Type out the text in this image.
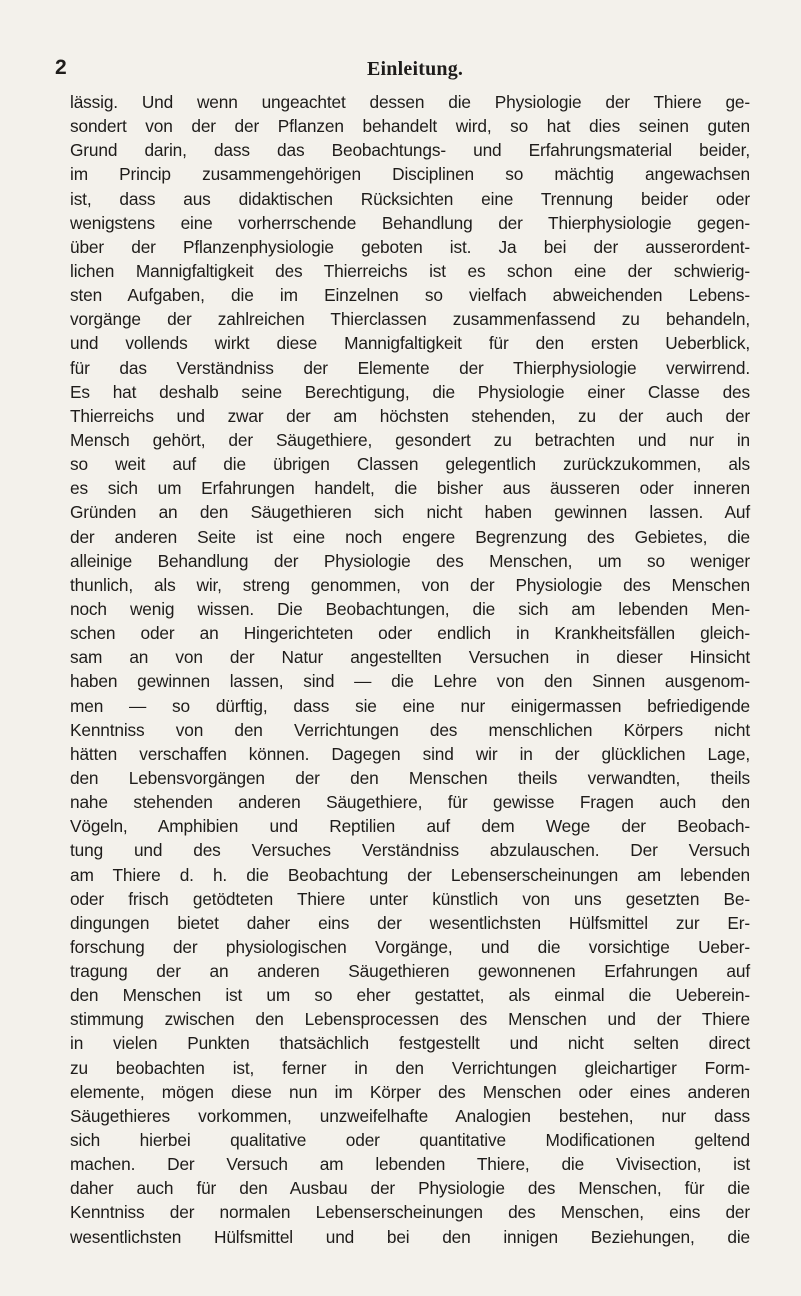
2	Einleitung.
lässig. Und wenn ungeachtet dessen die Physiologie der Thiere ge-
sondert von der der Pflanzen behandelt wird, so hat dies seinen guten
Grund darin, dass das Beobachtungs- und Erfahrungsmaterial beider,
im Princip zusammengehörigen Disciplinen so mächtig angewachsen
ist, dass aus didaktischen Rücksichten eine Trennung beider oder
wenigstens eine vorherrschende Behandlung der Thierphysiologie gegen-
über der Pflanzenphysiologie geboten ist. Ja bei der ausserordent-
lichen Mannigfaltigkeit des Thierreichs ist es schon eine der schwierig-
sten Aufgaben, die im Einzelnen so vielfach abweichenden Lebens-
vorgänge der zahlreichen Thierclassen zusammenfassend zu behandeln,
und vollends wirkt diese Mannigfaltigkeit für den ersten Ueberblick,
für das Verständniss der Elemente der Thierphysiologie verwirrend.
Es hat deshalb seine Berechtigung, die Physiologie einer Classe des
Thierreichs und zwar der am höchsten stehenden, zu der auch der
Mensch gehört, der Säugethiere, gesondert zu betrachten und nur in
so weit auf die übrigen Classen gelegentlich zurückzukommen, als
es sich um Erfahrungen handelt, die bisher aus äusseren oder inneren
Gründen an den Säugethieren sich nicht haben gewinnen lassen. Auf
der anderen Seite ist eine noch engere Begrenzung des Gebietes, die
alleinige Behandlung der Physiologie des Menschen, um so weniger
thunlich, als wir, streng genommen, von der Physiologie des Menschen
noch wenig wissen. Die Beobachtungen, die sich am lebenden Men-
schen oder an Hingerichteten oder endlich in Krankheitsfällen gleich-
sam an von der Natur angestellten Versuchen in dieser Hinsicht
haben gewinnen lassen, sind — die Lehre von den Sinnen ausgenom-
men — so dürftig, dass sie eine nur einigermassen befriedigende
Kenntniss von den Verrichtungen des menschlichen Körpers nicht
hätten verschaffen können. Dagegen sind wir in der glücklichen Lage,
den Lebensvorgängen der den Menschen theils verwandten, theils
nahe stehenden anderen Säugethiere, für gewisse Fragen auch den
Vögeln, Amphibien und Reptilien auf dem Wege der Beobach-
tung und des Versuches Verständniss abzulauschen. Der Versuch
am Thiere d. h. die Beobachtung der Lebenserscheinungen am lebenden
oder frisch getödteten Thiere unter künstlich von uns gesetzten Be-
dingungen bietet daher eins der wesentlichsten Hülfsmittel zur Er-
forschung der physiologischen Vorgänge, und die vorsichtige Ueber-
tragung der an anderen Säugethieren gewonnenen Erfahrungen auf
den Menschen ist um so eher gestattet, als einmal die Ueberein-
stimmung zwischen den Lebensprocessen des Menschen und der Thiere
in vielen Punkten thatsächlich festgestellt und nicht selten direct
zu beobachten ist, ferner in den Verrichtungen gleichartiger Form-
elemente, mögen diese nun im Körper des Menschen oder eines anderen
Säugethieres vorkommen, unzweifelhafte Analogien bestehen, nur dass
sich hierbei qualitative oder quantitative Modificationen geltend
machen. Der Versuch am lebenden Thiere, die Vivisection, ist
daher auch für den Ausbau der Physiologie des Menschen, für die
Kenntniss der normalen Lebenserscheinungen des Menschen, eins der
wesentlichsten Hülfsmittel und bei den innigen Beziehungen, die
